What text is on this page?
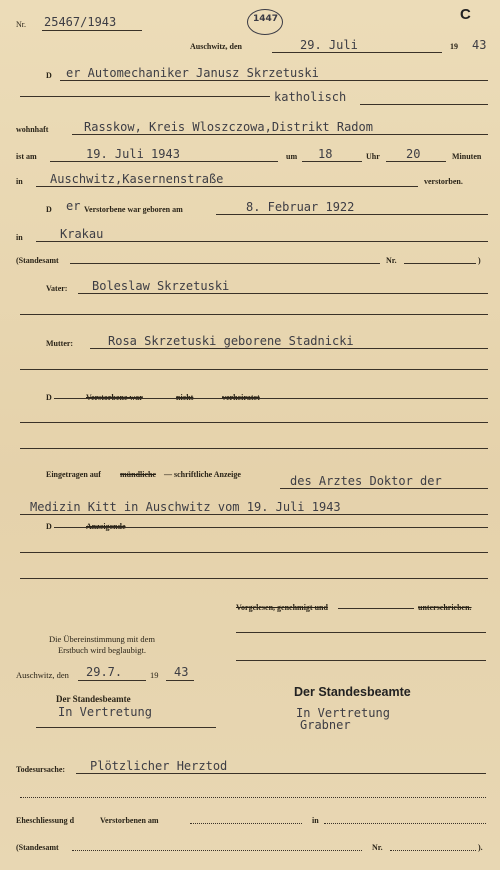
Nr. 25467/1943	1447	C
Auschwitz, den	29. Juli	19 43
D er Automechaniker Janusz Skrzetuski
katholisch
wohnhaft	Rasskow, Kreis Wloszczowa,Distrikt Radom
ist am	19. Juli 1943	um 18	Uhr 20	Minuten
in Auschwitz,Kasernenstraße	verstorben.
D er Verstorbene war geboren am	8. Februar 1922
in	Krakau
(Standesamt	Nr.	)
Vater: Boleslaw Skrzetuski
Mutter:	Rosa Skrzetuski geborene Stadnicki
D	Verstorbene war	nicht	verheiratet
Eingetragen auf mündliche — schriftliche Anzeige	des Arztes Doktor der
Medizin Kitt in Auschwitz vom 19. Juli 1943
D	Anzeigende
Vorgelesen, genehmigt und	unterschrieben.
Die Übereinstimmung mit dem
Erstbuch wird beglaubigt.
Auschwitz, den 29.7.	19 43
Der Standesbeamte
In Vertretung
Der Standesbeamte
In Vertretung
Grabner
Todesursache: Plötzlicher Herztod
Eheschliessung d	Verstorbenen am	in
(Standesamt	Nr.	).
